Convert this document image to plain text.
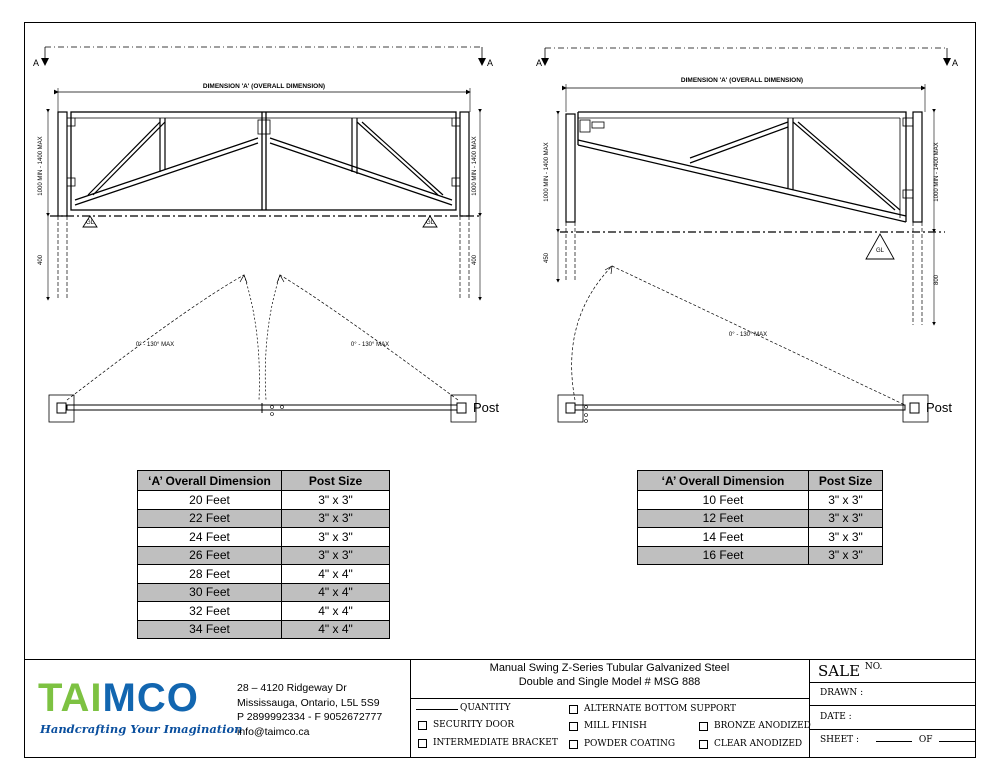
A	A
DIMENSION 'A' (OVERALL DIMENSION)
1000 MIN - 1400 MAX
400
1000 MIN - 1400 MAX
400
0° - 130° MAX	0° - 130° MAX
GL	GL
A	A
DIMENSION 'A' (OVERALL DIMENSION)
1000 MIN - 1400 MAX
450
1000 MIN - 1400 MAX
800
0° - 130° MAX
GL
Post	Post
‘A’ Overall Dimension	Post Size
20 Feet	3" x 3"
22 Feet	3" x 3"
24 Feet	3" x 3"
26 Feet	3" x 3"
28 Feet	4" x 4"
30 Feet	4" x 4"
32 Feet	4" x 4"
34 Feet	4" x 4"
‘A’ Overall Dimension	Post Size
10 Feet	3" x 3"
12 Feet	3" x 3"
14 Feet	3" x 3"
16 Feet	3" x 3"
TAIMCO
Handcrafting Your Imagination
28 – 4120 Ridgeway Dr
Mississauga, Ontario, L5L 5S9
P 2899992334 - F 9052672777
info@taimco.ca
Manual Swing Z-Series Tubular Galvanized Steel
Double and Single Model # MSG 888
QUANTITY
SECURITY DOOR
INTERMEDIATE BRACKET
ALTERNATE BOTTOM SUPPORT
MILL FINISH
POWDER COATING
BRONZE ANODIZED
CLEAR ANODIZED
SALE $^{NO.}$
DRAWN :
DATE :
SHEET :	OF
